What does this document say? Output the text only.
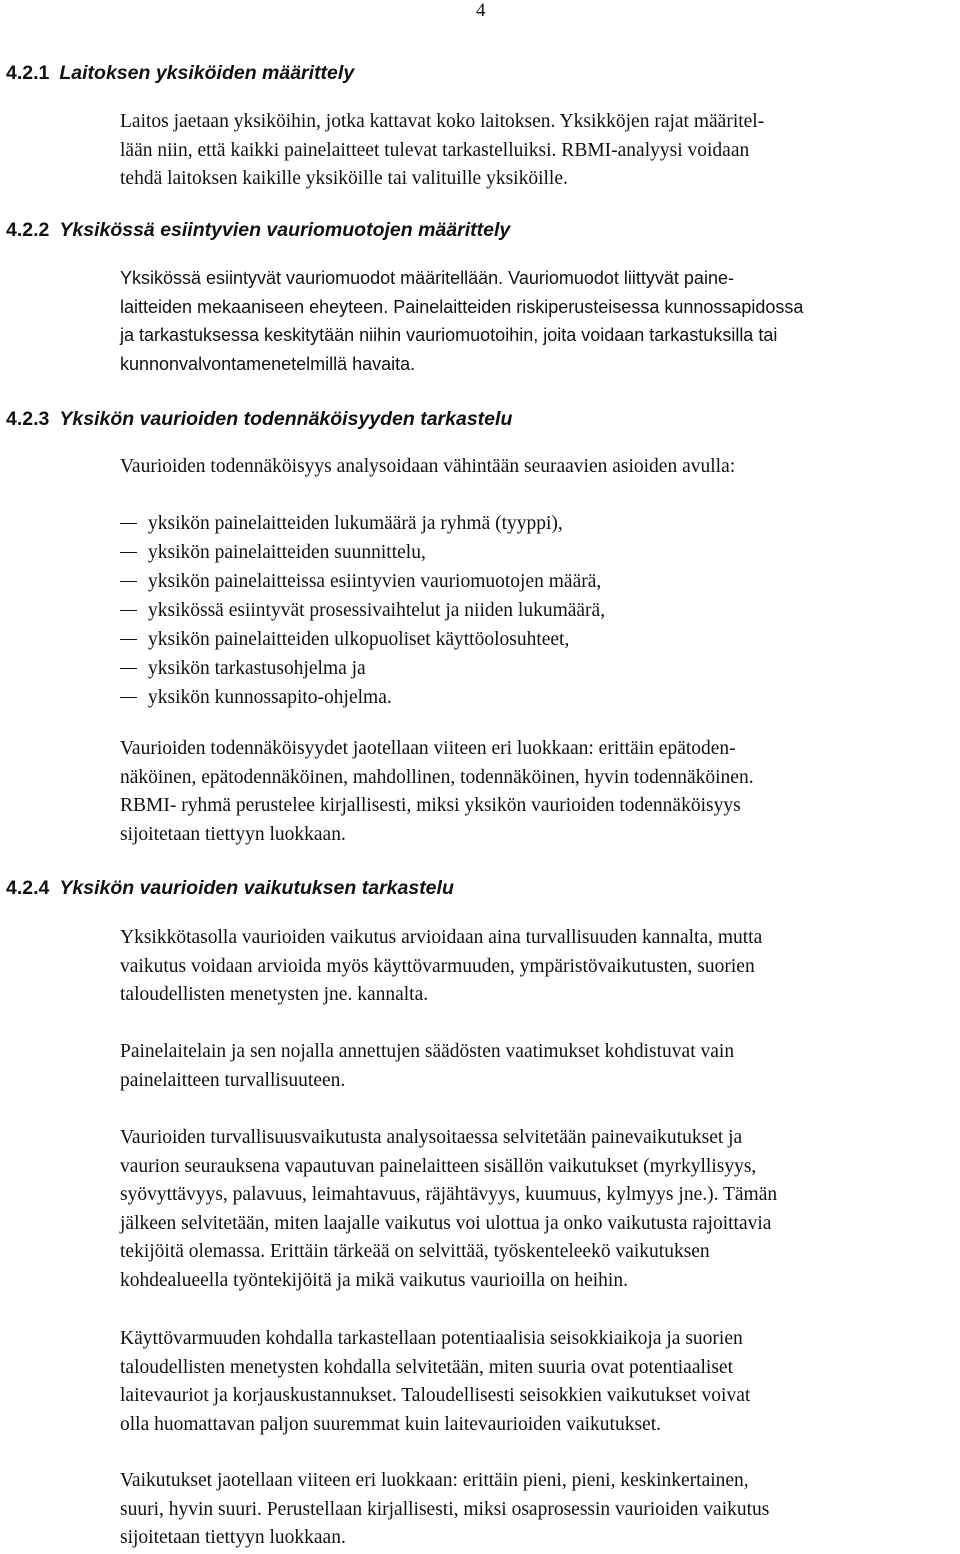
4
4.2.1 Laitoksen yksiköiden määrittely

Laitos jaetaan yksiköihin, jotka kattavat koko laitoksen. Yksikköjen rajat määritel-
lään niin, että kaikki painelaitteet tulevat tarkastelluiksi. RBMI-analyysi voidaan
tehdä laitoksen kaikille yksiköille tai valituille yksiköille.

4.2.2 Yksikössä esiintyvien vauriomuotojen määrittely

Yksikössä esiintyvät vauriomuodot määritellään. Vauriomuodot liittyvät paine-
laitteiden mekaaniseen eheyteen. Painelaitteiden riskiperusteisessa kunnossapidossa
ja tarkastuksessa keskitytään niihin vauriomuotoihin, joita voidaan tarkastuksilla tai
kunnonvalvontamenetelmillä havaita.

4.2.3 Yksikön vaurioiden todennäköisyyden tarkastelu

Vaurioiden todennäköisyys analysoidaan vähintään seuraavien asioiden avulla:

yksikön painelaitteiden lukumäärä ja ryhmä (tyyppi),
yksikön painelaitteiden suunnittelu,
yksikön painelaitteissa esiintyvien vauriomuotojen määrä,
yksikössä esiintyvät prosessivaihtelut ja niiden lukumäärä,
yksikön painelaitteiden ulkopuoliset käyttöolosuhteet,
yksikön tarkastusohjelma ja
yksikön kunnossapito-ohjelma.

Vaurioiden todennäköisyydet jaotellaan viiteen eri luokkaan: erittäin epätoden-
näköinen, epätodennäköinen, mahdollinen, todennäköinen, hyvin todennäköinen.
RBMI- ryhmä perustelee kirjallisesti, miksi yksikön vaurioiden todennäköisyys
sijoitetaan tiettyyn luokkaan.

4.2.4 Yksikön vaurioiden vaikutuksen tarkastelu

Yksikkötasolla vaurioiden vaikutus arvioidaan aina turvallisuuden kannalta, mutta
vaikutus voidaan arvioida myös käyttövarmuuden, ympäristövaikutusten, suorien
taloudellisten menetysten jne. kannalta.

Painelaitelain ja sen nojalla annettujen säädösten vaatimukset kohdistuvat vain
painelaitteen turvallisuuteen.

Vaurioiden turvallisuusvaikutusta analysoitaessa selvitetään painevaikutukset ja
vaurion seurauksena vapautuvan painelaitteen sisällön vaikutukset (myrkyllisyys,
syövyttävyys, palavuus, leimahtavuus, räjähtävyys, kuumuus, kylmyys jne.). Tämän
jälkeen selvitetään, miten laajalle vaikutus voi ulottua ja onko vaikutusta rajoittavia
tekijöitä olemassa. Erittäin tärkeää on selvittää, työskenteleekö vaikutuksen
kohdealueella työntekijöitä ja mikä vaikutus vaurioilla on heihin.

Käyttövarmuuden kohdalla tarkastellaan potentiaalisia seisokkiaikoja ja suorien
taloudellisten menetysten kohdalla selvitetään, miten suuria ovat potentiaaliset
laitevauriot ja korjauskustannukset. Taloudellisesti seisokkien vaikutukset voivat
olla huomattavan paljon suuremmat kuin laitevaurioiden vaikutukset.

Vaikutukset jaotellaan viiteen eri luokkaan: erittäin pieni, pieni, keskinkertainen,
suuri, hyvin suuri. Perustellaan kirjallisesti, miksi osaprosessin vaurioiden vaikutus
sijoitetaan tiettyyn luokkaan.
